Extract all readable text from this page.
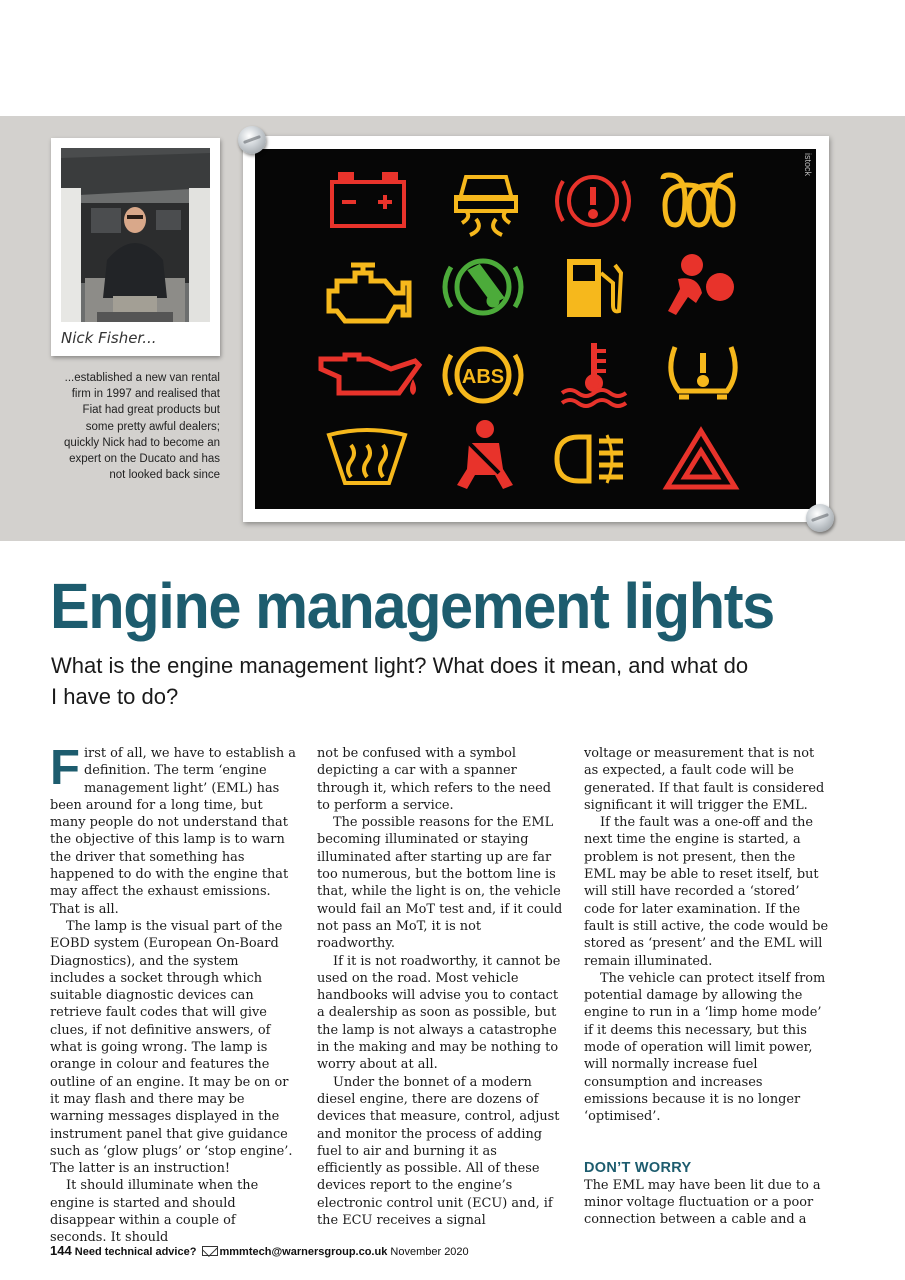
Nick Fisher...
...established a new van rental firm in 1997 and realised that Fiat had great products but some pretty awful dealers; quickly Nick had to become an expert on the Ducato and has not looked back since
istock
ABS
Engine management lights
What is the engine management light? What does it mean, and what do I have to do?

First of all, we have to establish a definition. The term ‘engine management light’ (EML) has been around for a long time, but many people do not understand that the objective of this lamp is to warn the driver that something has happened to do with the engine that may affect the exhaust emissions. That is all.

The lamp is the visual part of the EOBD system (European On-Board Diagnostics), and the system includes a socket through which suitable diagnostic devices can retrieve fault codes that will give clues, if not definitive answers, of what is going wrong. The lamp is orange in colour and features the outline of an engine. It may be on or it may flash and there may be warning messages displayed in the instrument panel that give guidance such as ‘glow plugs’ or ‘stop engine’. The latter is an instruction!

It should illuminate when the engine is started and should disappear within a couple of seconds. It should

not be confused with a symbol depicting a car with a spanner through it, which refers to the need to perform a service.

The possible reasons for the EML becoming illuminated or staying illuminated after starting up are far too numerous, but the bottom line is that, while the light is on, the vehicle would fail an MoT test and, if it could not pass an MoT, it is not roadworthy.

If it is not roadworthy, it cannot be used on the road. Most vehicle handbooks will advise you to contact a dealership as soon as possible, but the lamp is not always a catastrophe in the making and may be nothing to worry about at all.

Under the bonnet of a modern diesel engine, there are dozens of devices that measure, control, adjust and monitor the process of adding fuel to air and burning it as efficiently as possible. All of these devices report to the engine’s electronic control unit (ECU) and, if the ECU receives a signal

voltage or measurement that is not as expected, a fault code will be generated. If that fault is considered significant it will trigger the EML.

If the fault was a one-off and the next time the engine is started, a problem is not present, then the EML may be able to reset itself, but will still have recorded a ‘stored’ code for later examination. If the fault is still active, the code would be stored as ‘present’ and the EML will remain illuminated.

The vehicle can protect itself from potential damage by allowing the engine to run in a ‘limp home mode’ if it deems this necessary, but this mode of operation will limit power, will normally increase fuel consumption and increases emissions because it is no longer ‘optimised’.

DON’T WORRY

The EML may have been lit due to a minor voltage fluctuation or a poor connection between a cable and a

144 Need technical advice? mmmtech@warnersgroup.co.uk November 2020
